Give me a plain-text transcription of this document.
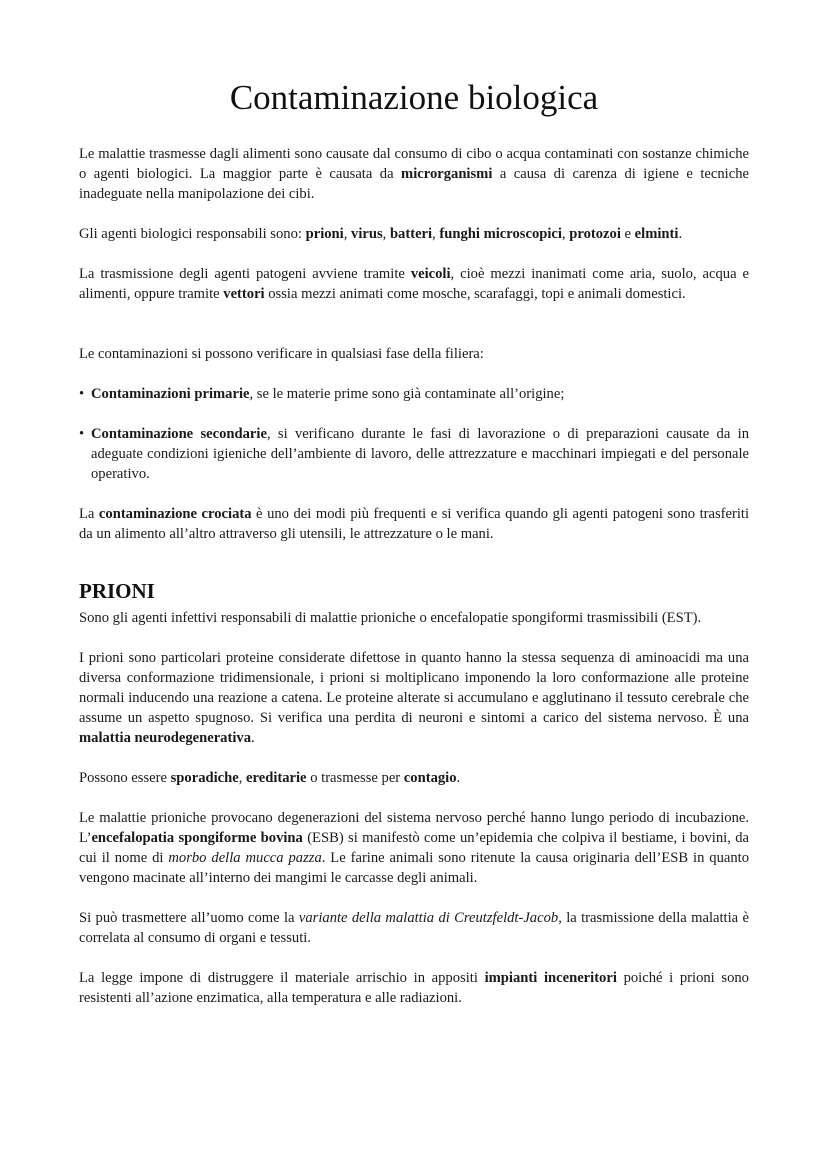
Contaminazione biologica

Le malattie trasmesse dagli alimenti sono causate dal consumo di cibo o acqua contaminati con sostanze chimiche o agenti biologici. La maggior parte è causata da microrganismi a causa di carenza di igiene e tecniche inadeguate nella manipolazione dei cibi.

Gli agenti biologici responsabili sono: prioni, virus, batteri, funghi microscopici, protozoi e elminti.

La trasmissione degli agenti patogeni avviene tramite veicoli, cioè mezzi inanimati come aria, suolo, acqua e alimenti, oppure tramite vettori ossia mezzi animati come mosche, scarafaggi, topi e animali domestici.

Le contaminazioni si possono verificare in qualsiasi fase della filiera:

• Contaminazioni primarie, se le materie prime sono già contaminate all’origine;
• Contaminazione secondarie, si verificano durante le fasi di lavorazione o di preparazioni causate da in adeguate condizioni igieniche dell’ambiente di lavoro, delle attrezzature e macchinari impiegati e del personale operativo.

La contaminazione crociata è uno dei modi più frequenti e si verifica quando gli agenti patogeni sono trasferiti da un alimento all’altro attraverso gli utensili, le attrezzature o le mani.

PRIONI

Sono gli agenti infettivi responsabili di malattie prioniche o encefalopatie spongiformi trasmissibili (EST).

I prioni sono particolari proteine considerate difettose in quanto hanno la stessa sequenza di aminoacidi ma una diversa conformazione tridimensionale, i prioni si moltiplicano imponendo la loro conformazione alle proteine normali inducendo una reazione a catena. Le proteine alterate si accumulano e agglutinano il tessuto cerebrale che assume un aspetto spugnoso. Si verifica una perdita di neuroni e sintomi a carico del sistema nervoso. È una malattia neurodegenerativa.

Possono essere sporadiche, ereditarie o trasmesse per contagio.

Le malattie prioniche provocano degenerazioni del sistema nervoso perché hanno lungo periodo di incubazione. L’encefalopatia spongiforme bovina (ESB) si manifestò come un’epidemia che colpiva il bestiame, i bovini, da cui il nome di morbo della mucca pazza. Le farine animali sono ritenute la causa originaria dell’ESB in quanto vengono macinate all’interno dei mangimi le carcasse degli animali.

Si può trasmettere all’uomo come la variante della malattia di Creutzfeldt-Jacob, la trasmissione della malattia è correlata al consumo di organi e tessuti.

La legge impone di distruggere il materiale arrischio in appositi impianti inceneritori poiché i prioni sono resistenti all’azione enzimatica, alla temperatura e alle radiazioni.
